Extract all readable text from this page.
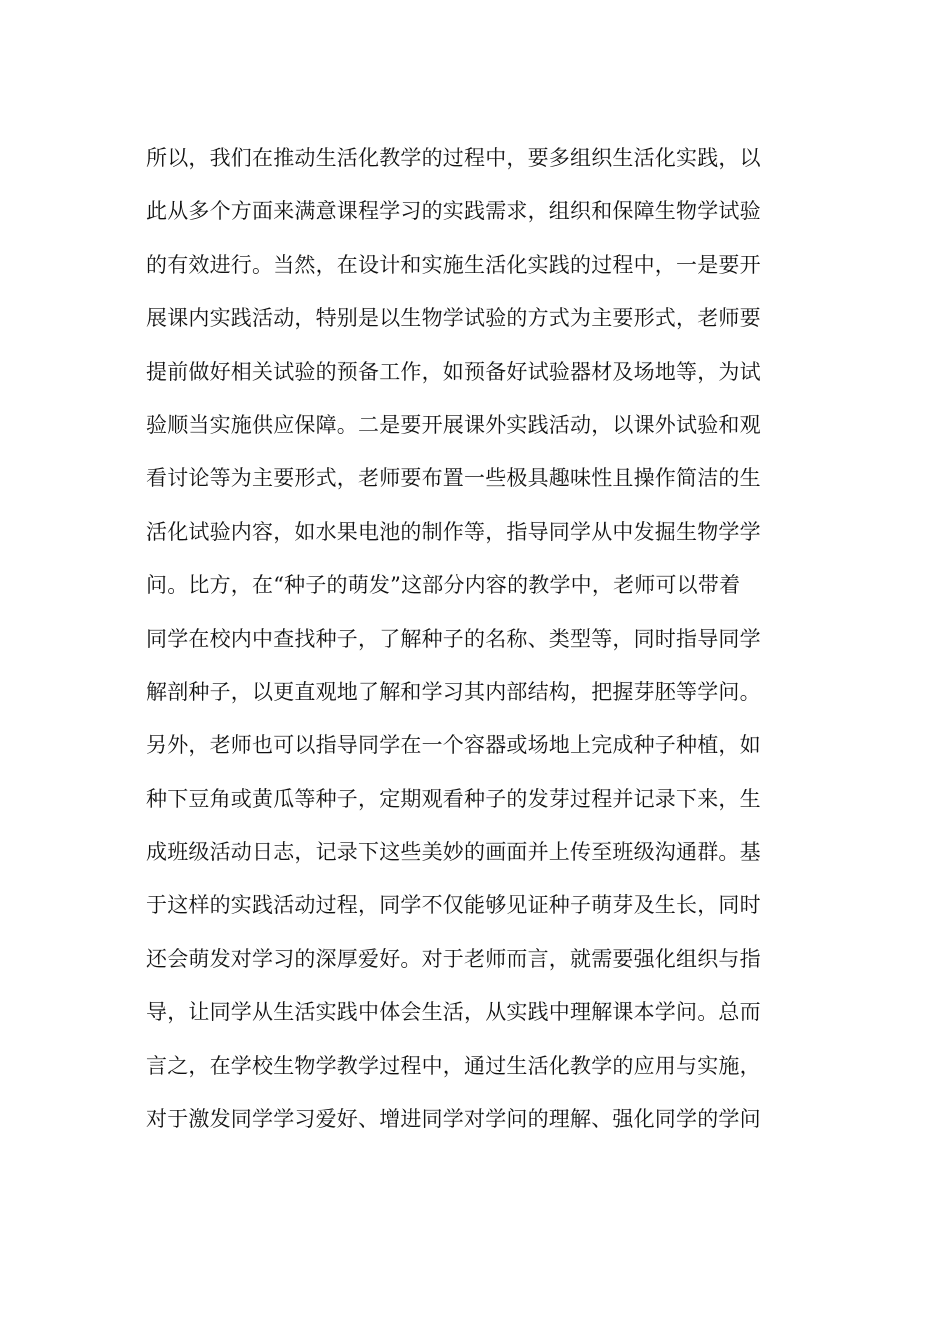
所以，我们在推动生活化教学的过程中，要多组织生活化实践，以
此从多个方面来满意课程学习的实践需求，组织和保障生物学试验
的有效进行。当然，在设计和实施生活化实践的过程中，一是要开
展课内实践活动，特别是以生物学试验的方式为主要形式，老师要
提前做好相关试验的预备工作，如预备好试验器材及场地等，为试
验顺当实施供应保障。二是要开展课外实践活动，以课外试验和观
看讨论等为主要形式，老师要布置一些极具趣味性且操作简洁的生
活化试验内容，如水果电池的制作等，指导同学从中发掘生物学学
问。比方，在“种子的萌发”这部分内容的教学中，老师可以带着
同学在校内中查找种子，了解种子的名称、类型等，同时指导同学
解剖种子，以更直观地了解和学习其内部结构，把握芽胚等学问。
另外，老师也可以指导同学在一个容器或场地上完成种子种植，如
种下豆角或黄瓜等种子，定期观看种子的发芽过程并记录下来，生
成班级活动日志，记录下这些美妙的画面并上传至班级沟通群。基
于这样的实践活动过程，同学不仅能够见证种子萌芽及生长，同时
还会萌发对学习的深厚爱好。对于老师而言，就需要强化组织与指
导，让同学从生活实践中体会生活，从实践中理解课本学问。总而
言之，在学校生物学教学过程中，通过生活化教学的应用与实施，
对于激发同学学习爱好、增进同学对学问的理解、强化同学的学问
